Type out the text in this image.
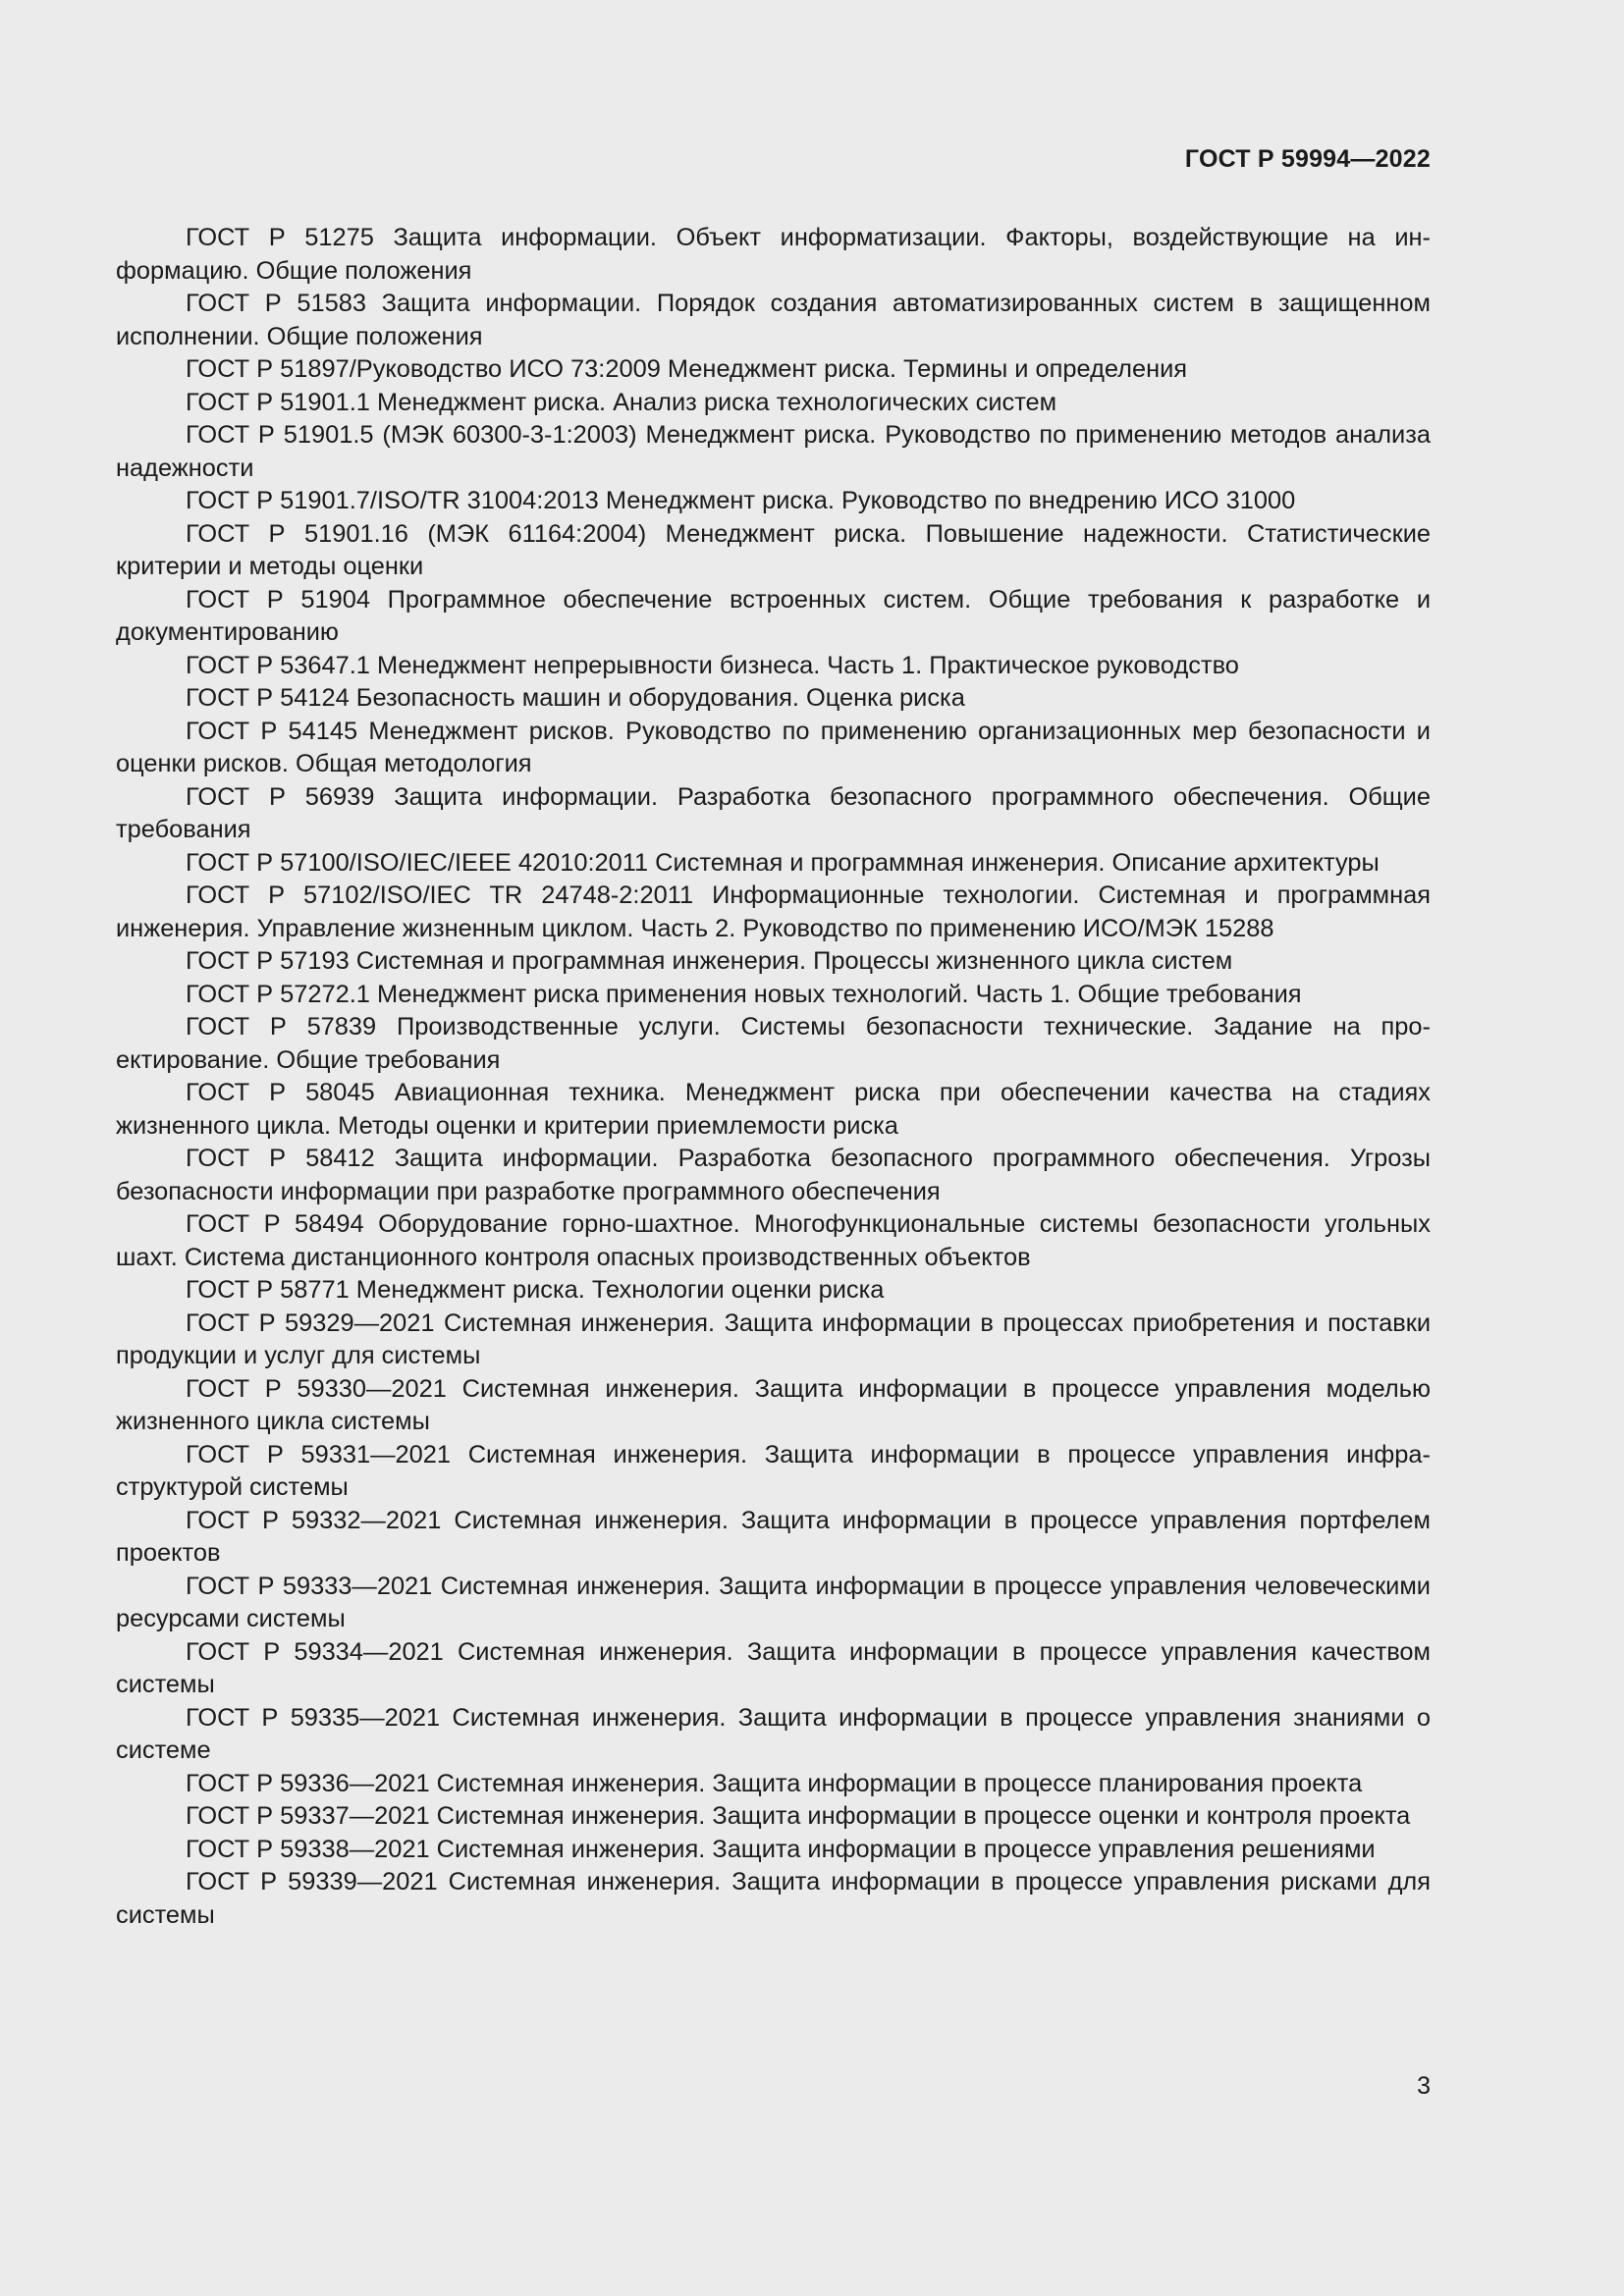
ГОСТ Р 59994—2022

ГОСТ Р 51275 Защита информации. Объект информатизации. Факторы, воздействующие на информацию. Общие положения

ГОСТ Р 51583 Защита информации. Порядок создания автоматизированных систем в защищенном исполнении. Общие положения

ГОСТ Р 51897/Руководство ИСО 73:2009 Менеджмент риска. Термины и определения

ГОСТ Р 51901.1 Менеджмент риска. Анализ риска технологических систем

ГОСТ Р 51901.5 (МЭК 60300-3-1:2003) Менеджмент риска. Руководство по применению методов анализа надежности

ГОСТ Р 51901.7/ISO/TR 31004:2013 Менеджмент риска. Руководство по внедрению ИСО 31000

ГОСТ Р 51901.16 (МЭК 61164:2004) Менеджмент риска. Повышение надежности. Статистические критерии и методы оценки

ГОСТ Р 51904 Программное обеспечение встроенных систем. Общие требования к разработке и документированию

ГОСТ Р 53647.1 Менеджмент непрерывности бизнеса. Часть 1. Практическое руководство

ГОСТ Р 54124 Безопасность машин и оборудования. Оценка риска

ГОСТ Р 54145 Менеджмент рисков. Руководство по применению организационных мер безопасности и оценки рисков. Общая методология

ГОСТ Р 56939 Защита информации. Разработка безопасного программного обеспечения. Общие требования

ГОСТ Р 57100/ISO/IEC/IEEE 42010:2011 Системная и программная инженерия. Описание архитектуры

ГОСТ Р 57102/ISO/IEC TR 24748-2:2011 Информационные технологии. Системная и программная инженерия. Управление жизненным циклом. Часть 2. Руководство по применению ИСО/МЭК 15288

ГОСТ Р 57193 Системная и программная инженерия. Процессы жизненного цикла систем

ГОСТ Р 57272.1 Менеджмент риска применения новых технологий. Часть 1. Общие требования

ГОСТ Р 57839 Производственные услуги. Системы безопасности технические. Задание на проектирование. Общие требования

ГОСТ Р 58045 Авиационная техника. Менеджмент риска при обеспечении качества на стадиях жизненного цикла. Методы оценки и критерии приемлемости риска

ГОСТ Р 58412 Защита информации. Разработка безопасного программного обеспечения. Угрозы безопасности информации при разработке программного обеспечения

ГОСТ Р 58494 Оборудование горно-шахтное. Многофункциональные системы безопасности угольных шахт. Система дистанционного контроля опасных производственных объектов

ГОСТ Р 58771 Менеджмент риска. Технологии оценки риска

ГОСТ Р 59329—2021 Системная инженерия. Защита информации в процессах приобретения и поставки продукции и услуг для системы

ГОСТ Р 59330—2021 Системная инженерия. Защита информации в процессе управления моделью жизненного цикла системы

ГОСТ Р 59331—2021 Системная инженерия. Защита информации в процессе управления инфраструктурой системы

ГОСТ Р 59332—2021 Системная инженерия. Защита информации в процессе управления портфелем проектов

ГОСТ Р 59333—2021 Системная инженерия. Защита информации в процессе управления человеческими ресурсами системы

ГОСТ Р 59334—2021 Системная инженерия. Защита информации в процессе управления качеством системы

ГОСТ Р 59335—2021 Системная инженерия. Защита информации в процессе управления знаниями о системе

ГОСТ Р 59336—2021 Системная инженерия. Защита информации в процессе планирования проекта

ГОСТ Р 59337—2021 Системная инженерия. Защита информации в процессе оценки и контроля проекта

ГОСТ Р 59338—2021 Системная инженерия. Защита информации в процессе управления решениями

ГОСТ Р 59339—2021 Системная инженерия. Защита информации в процессе управления рисками для системы

3
